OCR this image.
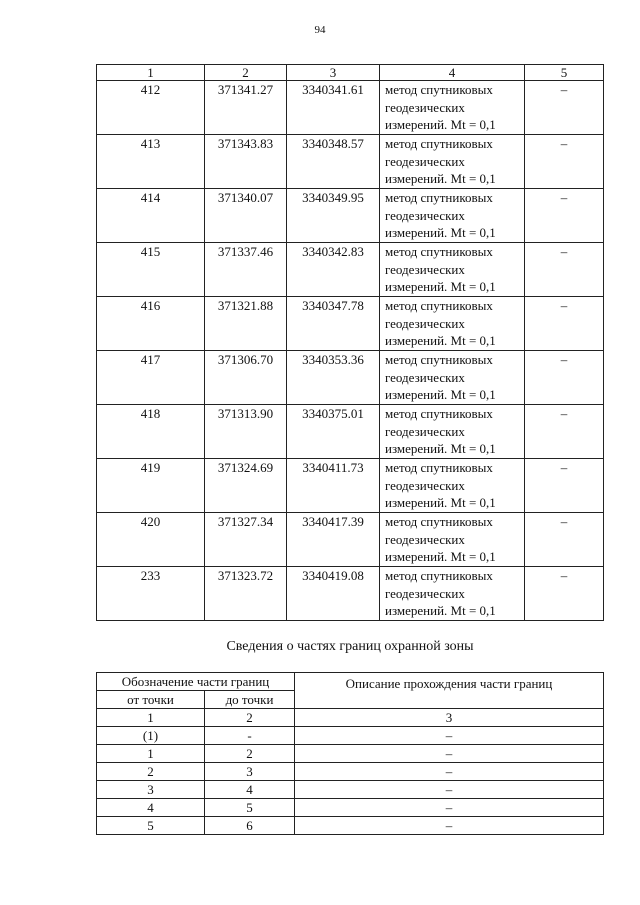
94
1	2	3	4	5
412	371341.27	3340341.61	метод спутниковых
геодезических
измерений. Mt = 0,1	–
413	371343.83	3340348.57	метод спутниковых
геодезических
измерений. Mt = 0,1	–
414	371340.07	3340349.95	метод спутниковых
геодезических
измерений. Mt = 0,1	–
415	371337.46	3340342.83	метод спутниковых
геодезических
измерений. Mt = 0,1	–
416	371321.88	3340347.78	метод спутниковых
геодезических
измерений. Mt = 0,1	–
417	371306.70	3340353.36	метод спутниковых
геодезических
измерений. Mt = 0,1	–
418	371313.90	3340375.01	метод спутниковых
геодезических
измерений. Mt = 0,1	–
419	371324.69	3340411.73	метод спутниковых
геодезических
измерений. Mt = 0,1	–
420	371327.34	3340417.39	метод спутниковых
геодезических
измерений. Mt = 0,1	–
233	371323.72	3340419.08	метод спутниковых
геодезических
измерений. Mt = 0,1	–
Сведения о частях границ охранной зоны
Обозначение части границ		Описание прохождения части границ
от точки	до точки	
1	2	3
(1)	-	–
1	2	–
2	3	–
3	4	–
4	5	–
5	6	–
